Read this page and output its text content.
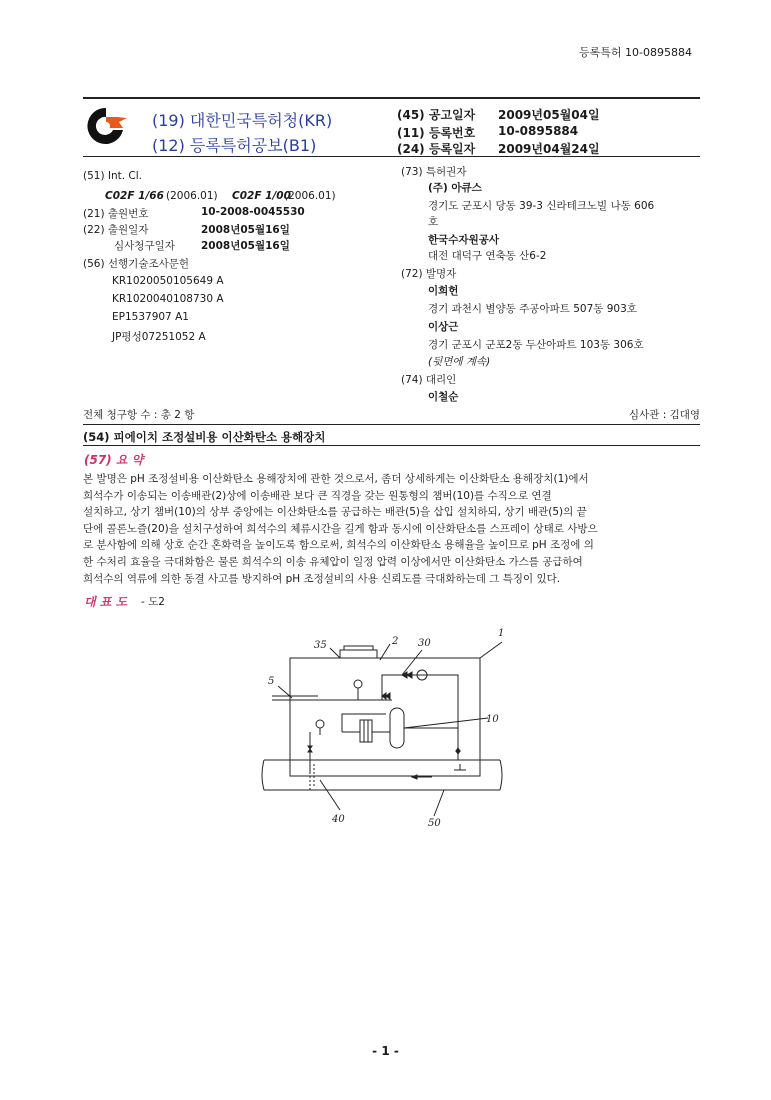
등록특허 10-0895884
(19) 대한민국특허청(KR)
(12) 등록특허공보(B1)
(45) 공고일자 2009년05월04일
(11) 등록번호 10-0895884
(24) 등록일자 2009년04월24일
(51) Int. Cl.
C02F 1/66 (2006.01) C02F 1/00
(2006.01)
(21) 출원번호	10-2008-0045530
(22) 출원일자	2008년05월16일
심사청구일자 2008년05월16일
(56) 선행기술조사문헌
KR1020050105649 A
KR1020040108730 A
EP1537907 A1
JP평성07251052 A
(73) 특허권자
(주) 아큐스
경기도 군포시 당동 39-3 신라테크노빌 나동 606
호
한국수자원공사
대전 대덕구 연축동 산6-2
(72) 발명자
이희헌
경기 과천시 별양동 주공아파트 507동 903호
이상근
경기 군포시 군포2동 두산아파트 103동 306호
(뒷면에 계속)
(74) 대리인
이철순
전체 청구항 수 : 총 2 항	심사관 : 김대영
(54) 피에이치 조정설비용 이산화탄소 용해장치
(57) 요 약
본 발명은 pH 조정설비용 이산화탄소 용해장치에 관한 것으로서, 좀더 상세하게는 이산화탄소 용해장치(1)에서
희석수가 이송되는 이송배관(2)상에 이송배관 보다 큰 직경을 갖는 원통형의 챔버(10)를 수직으로 연결
설치하고, 상기 챔버(10)의 상부 중앙에는 이산화탄소를 공급하는 배관(5)을 삽입 설치하되, 상기 배관(5)의 끝
단에 콜론노즐(20)을 설치구성하여 희석수의 체류시간을 길게 함과 동시에 이산화탄소를 스프레이 상태로 사방으
로 분사함에 의해 상호 순간 혼화력을 높이도록 함으로써, 희석수의 이산화탄소 용해율을 높이므로 pH 조정에 의
한 수처리 효율을 극대화함은 물론 희석수의 이송 유체압이 일정 압력 이상에서만 이산화탄소 가스를 공급하여
희석수의 역류에 의한 동결 사고를 방지하여 pH 조정설비의 사용 신뢰도를 극대화하는데 그 특징이 있다.
대 표 도 - 도2
35	2 30
1
5
10
40	50
- 1 -
